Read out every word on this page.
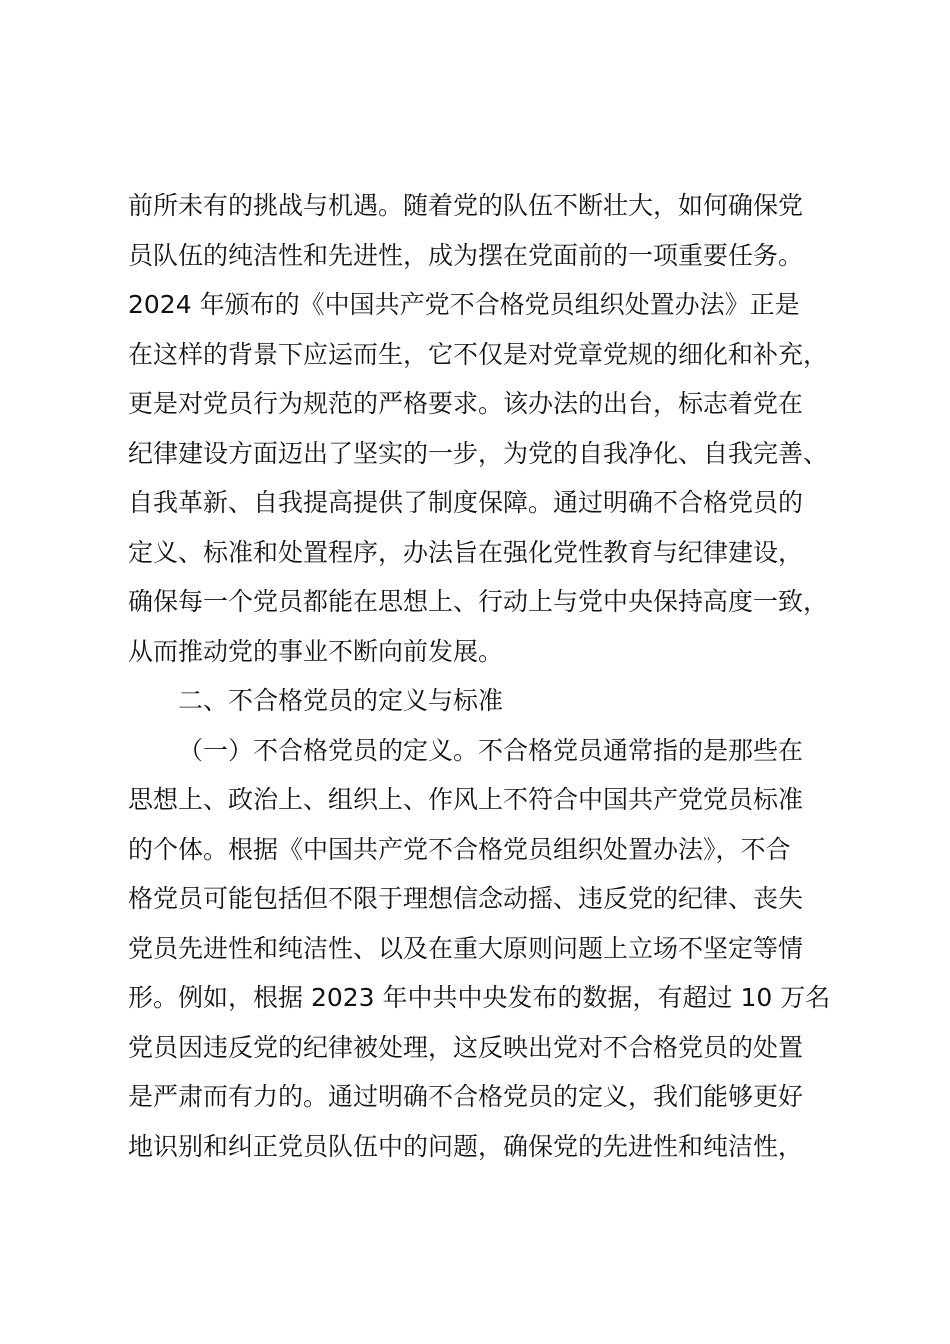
前所未有的挑战与机遇。随着党的队伍不断壮大，如何确保党
员队伍的纯洁性和先进性，成为摆在党面前的一项重要任务。
2024 年颁布的《中国共产党不合格党员组织处置办法》正是
在这样的背景下应运而生，它不仅是对党章党规的细化和补充，
更是对党员行为规范的严格要求。该办法的出台，标志着党在
纪律建设方面迈出了坚实的一步，为党的自我净化、自我完善、
自我革新、自我提高提供了制度保障。通过明确不合格党员的
定义、标准和处置程序，办法旨在强化党性教育与纪律建设，
确保每一个党员都能在思想上、行动上与党中央保持高度一致，
从而推动党的事业不断向前发展。
二、不合格党员的定义与标准
（一）不合格党员的定义。不合格党员通常指的是那些在
思想上、政治上、组织上、作风上不符合中国共产党党员标准
的个体。根据《中国共产党不合格党员组织处置办法》，不合
格党员可能包括但不限于理想信念动摇、违反党的纪律、丧失
党员先进性和纯洁性、以及在重大原则问题上立场不坚定等情
形。例如，根据 2023 年中共中央发布的数据，有超过 10 万名
党员因违反党的纪律被处理，这反映出党对不合格党员的处置
是严肃而有力的。通过明确不合格党员的定义，我们能够更好
地识别和纠正党员队伍中的问题，确保党的先进性和纯洁性，
